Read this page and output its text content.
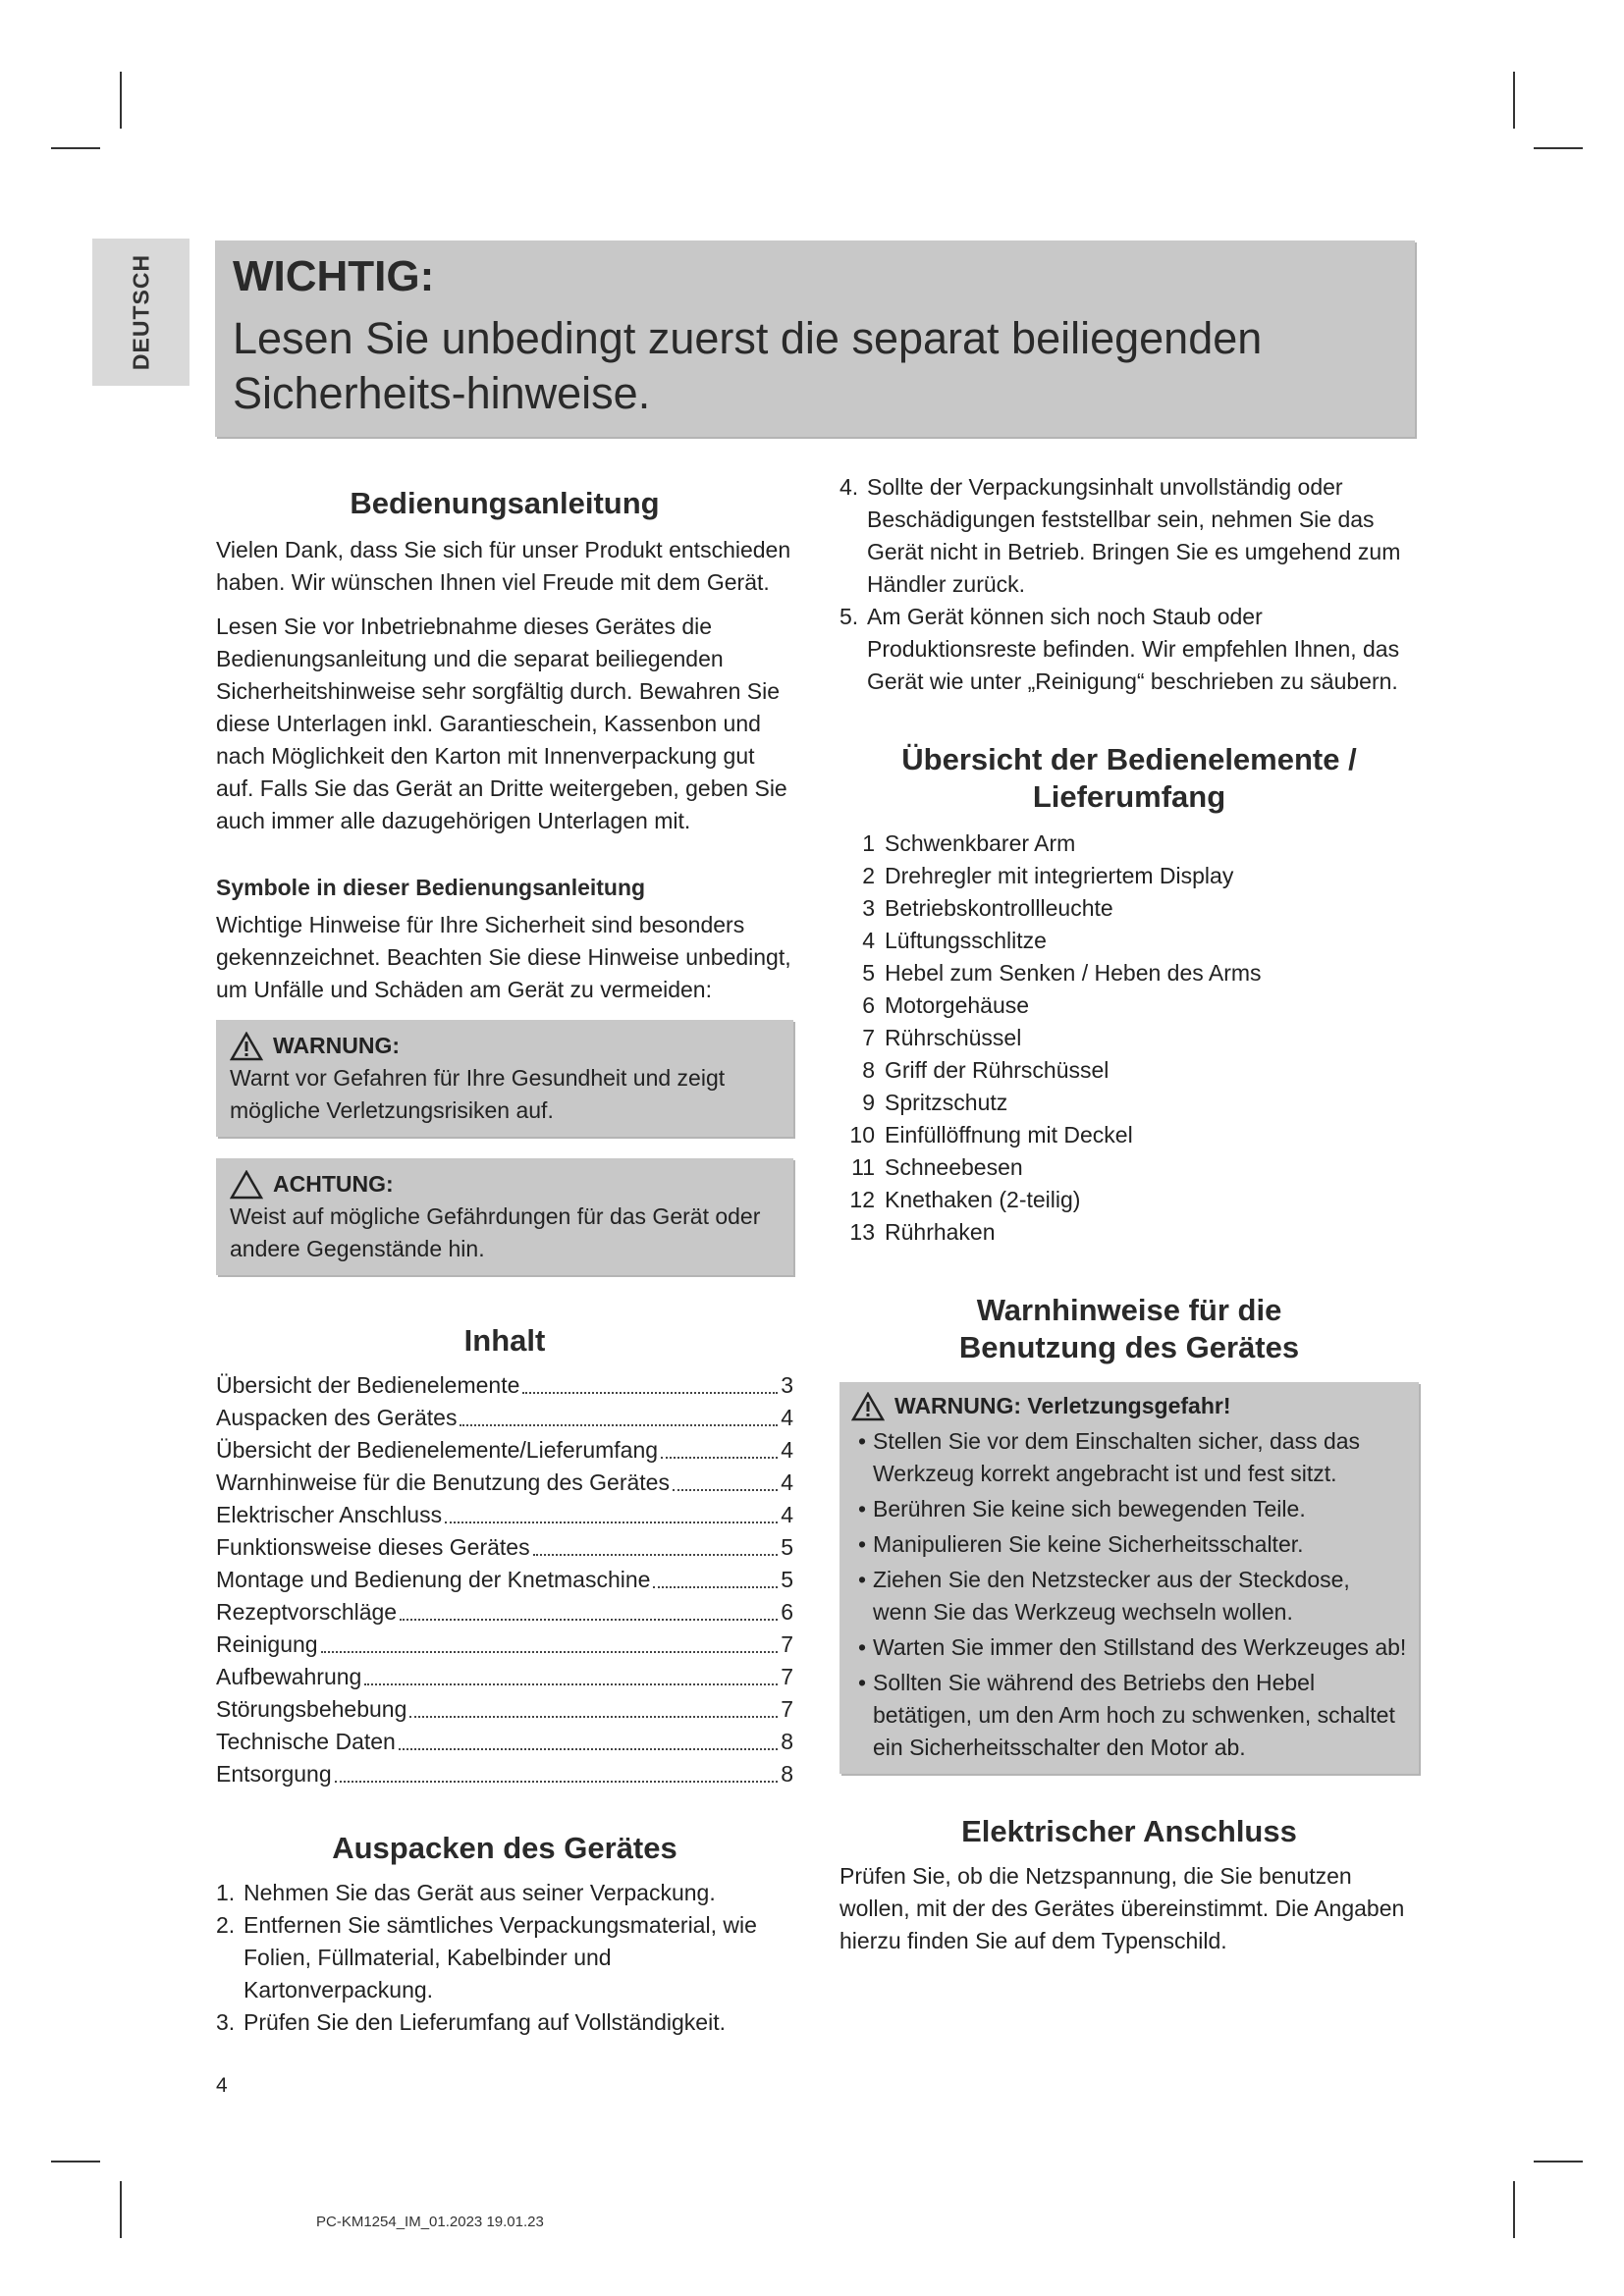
DEUTSCH WICHTIG:
Lesen Sie unbedingt zuerst die separat beiliegenden Sicherheits-hinweise.
Bedienungsanleitung

Vielen Dank, dass Sie sich für unser Produkt entschieden haben. Wir wünschen Ihnen viel Freude mit dem Gerät.

Lesen Sie vor Inbetriebnahme dieses Gerätes die Bedienungsanleitung und die separat beiliegenden Sicherheitshinweise sehr sorgfältig durch. Bewahren Sie diese Unterlagen inkl. Garantieschein, Kassenbon und nach Möglichkeit den Karton mit Innenverpackung gut auf. Falls Sie das Gerät an Dritte weitergeben, geben Sie auch immer alle dazugehörigen Unterlagen mit.

Symbole in dieser Bedienungsanleitung

Wichtige Hinweise für Ihre Sicherheit sind besonders gekennzeichnet. Beachten Sie diese Hinweise unbedingt, um Unfälle und Schäden am Gerät zu vermeiden:

WARNUNG:
Warnt vor Gefahren für Ihre Gesundheit und zeigt mögliche Verletzungsrisiken auf.
ACHTUNG:
Weist auf mögliche Gefährdungen für das Gerät oder andere Gegenstände hin.
Inhalt
Übersicht der Bedienelemente	3
Auspacken des Gerätes	4
Übersicht der Bedienelemente/Lieferumfang	4
Warnhinweise für die Benutzung des Gerätes	4
Elektrischer Anschluss	4
Funktionsweise dieses Gerätes	5
Montage und Bedienung der Knetmaschine	5
Rezeptvorschläge	6
Reinigung	7
Aufbewahrung	7
Störungsbehebung	7
Technische Daten	8
Entsorgung	8
Auspacken des Gerätes
1. Nehmen Sie das Gerät aus seiner Verpackung.
2. Entfernen Sie sämtliches Verpackungsmaterial, wie Folien, Füllmaterial, Kabelbinder und Kartonverpackung.
3. Prüfen Sie den Lieferumfang auf Vollständigkeit.
4. Sollte der Verpackungsinhalt unvollständig oder Beschädigungen feststellbar sein, nehmen Sie das Gerät nicht in Betrieb. Bringen Sie es umgehend zum Händler zurück.
5. Am Gerät können sich noch Staub oder Produktionsreste befinden. Wir empfehlen Ihnen, das Gerät wie unter „Reinigung“ beschrieben zu säubern.
Übersicht der Bedienelemente /
Lieferumfang
1 Schwenkbarer Arm
2 Drehregler mit integriertem Display
3 Betriebskontrollleuchte
4 Lüftungsschlitze
5 Hebel zum Senken / Heben des Arms
6 Motorgehäuse
7 Rührschüssel
8 Griff der Rührschüssel
9 Spritzschutz
10 Einfüllöffnung mit Deckel
11 Schneebesen
12 Knethaken (2-teilig)
13 Rührhaken
Warnhinweise für die
Benutzung des Gerätes
WARNUNG: Verletzungsgefahr!
• Stellen Sie vor dem Einschalten sicher, dass das Werkzeug korrekt angebracht ist und fest sitzt.
• Berühren Sie keine sich bewegenden Teile.
• Manipulieren Sie keine Sicherheitsschalter.
• Ziehen Sie den Netzstecker aus der Steckdose, wenn Sie das Werkzeug wechseln wollen.
• Warten Sie immer den Stillstand des Werkzeuges ab!
• Sollten Sie während des Betriebs den Hebel betätigen, um den Arm hoch zu schwenken, schaltet ein Sicherheitsschalter den Motor ab.
Elektrischer Anschluss

Prüfen Sie, ob die Netzspannung, die Sie benutzen wollen, mit der des Gerätes übereinstimmt. Die Angaben hierzu finden Sie auf dem Typenschild.

4
PC-KM1254_IM_01.2023 19.01.23
